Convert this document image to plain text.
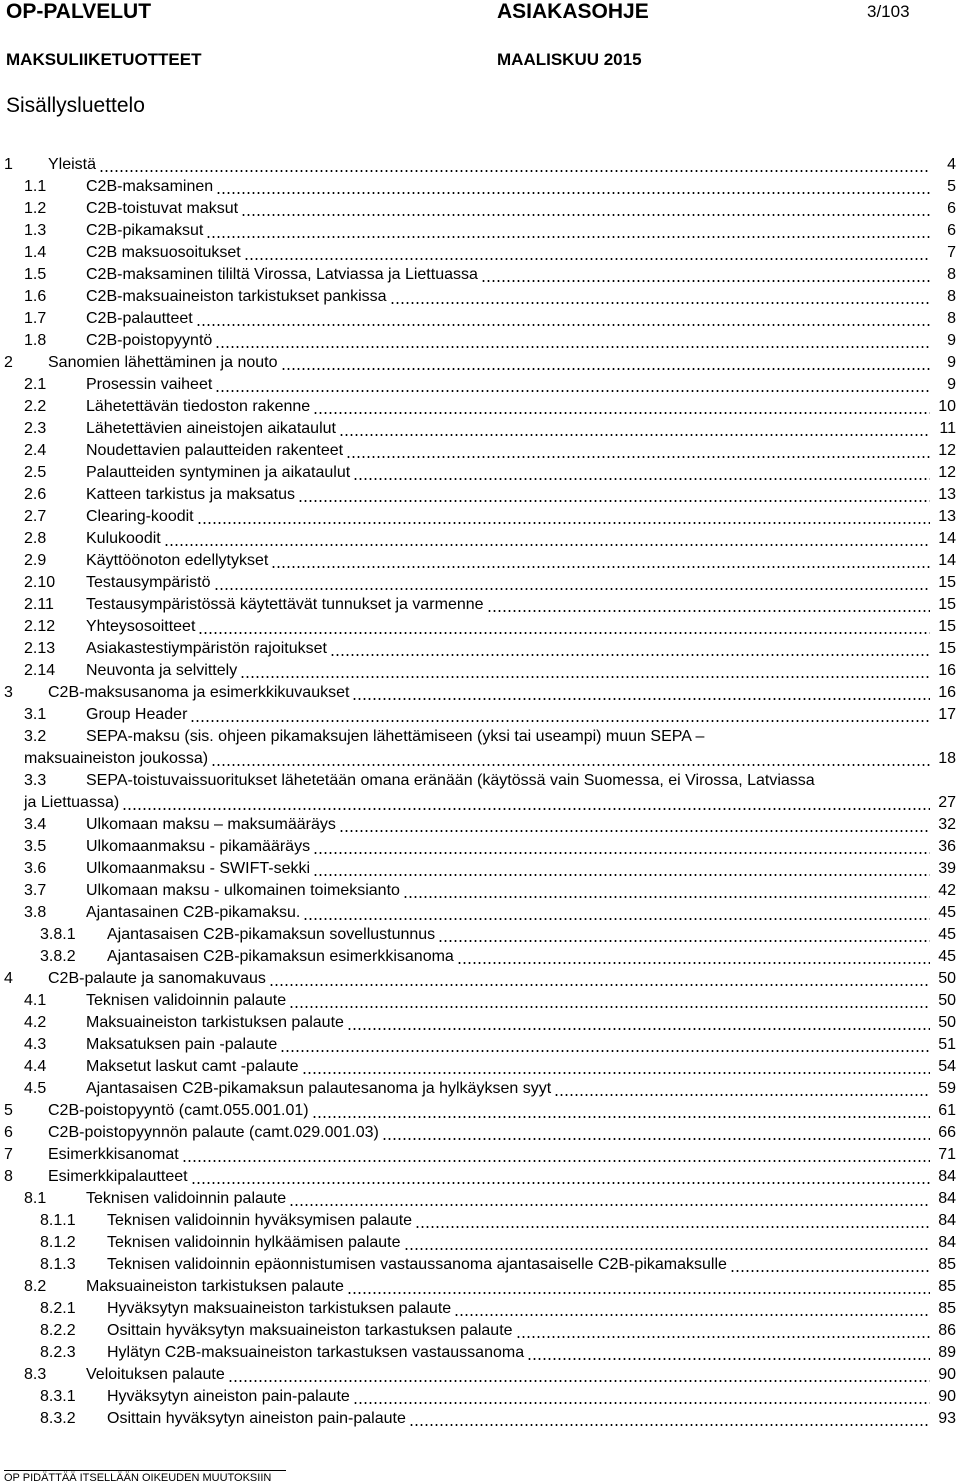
OP-PALVELUT	ASIAKASOHJE	3/103
MAKSULIIKETUOTTEET	MAALISKUU 2015
Sisällysluettelo
1 Yleistä	4
1.1 C2B-maksaminen	5
1.2 C2B-toistuvat maksut	6
1.3 C2B-pikamaksut	6
1.4 C2B maksuosoitukset	7
1.5 C2B-maksaminen tililtä Virossa, Latviassa ja Liettuassa	8
1.6 C2B-maksuaineiston tarkistukset pankissa	8
1.7 C2B-palautteet	8
1.8 C2B-poistopyyntö	9
2 Sanomien lähettäminen ja nouto	9
2.1 Prosessin vaiheet	9
2.2 Lähetettävän tiedoston rakenne	10
2.3 Lähetettävien aineistojen aikataulut	11
2.4 Noudettavien palautteiden rakenteet	12
2.5 Palautteiden syntyminen ja aikataulut	12
2.6 Katteen tarkistus ja maksatus	13
2.7 Clearing-koodit	13
2.8 Kulukoodit	14
2.9 Käyttöönoton edellytykset	14
2.10 Testausympäristö	15
2.11 Testausympäristössä käytettävät tunnukset ja varmenne	15
2.12 Yhteysosoitteet	15
2.13 Asiakastestiympäristön rajoitukset	15
2.14 Neuvonta ja selvittely	16
3 C2B-maksusanoma ja esimerkkikuvaukset	16
3.1 Group Header	17
3.2 SEPA-maksu (sis. ohjeen pikamaksujen lähettämiseen (yksi tai useampi) muun SEPA –
maksuaineiston joukossa)	18
3.3 SEPA-toistuvaissuoritukset lähetetään omana eränään (käytössä vain Suomessa, ei Virossa, Latviassa
ja Liettuassa)	27
3.4 Ulkomaan maksu – maksumääräys	32
3.5 Ulkomaanmaksu - pikamääräys	36
3.6 Ulkomaanmaksu - SWIFT-sekki	39
3.7 Ulkomaan maksu - ulkomainen toimeksianto	42
3.8 Ajantasainen C2B-pikamaksu.	45
3.8.1 Ajantasaisen C2B-pikamaksun sovellustunnus	45
3.8.2 Ajantasaisen C2B-pikamaksun esimerkkisanoma	45
4 C2B-palaute ja sanomakuvaus	50
4.1 Teknisen validoinnin palaute	50
4.2 Maksuaineiston tarkistuksen palaute	50
4.3 Maksatuksen pain -palaute	51
4.4 Maksetut laskut camt -palaute	54
4.5 Ajantasaisen C2B-pikamaksun palautesanoma ja hylkäyksen syyt	59
5 C2B-poistopyyntö (camt.055.001.01)	61
6 C2B-poistopyynnön palaute (camt.029.001.03)	66
7 Esimerkkisanomat	71
8 Esimerkkipalautteet	84
8.1 Teknisen validoinnin palaute	84
8.1.1 Teknisen validoinnin hyväksymisen palaute	84
8.1.2 Teknisen validoinnin hylkäämisen palaute	84
8.1.3 Teknisen validoinnin epäonnistumisen vastaussanoma ajantasaiselle C2B-pikamaksulle	85
8.2 Maksuaineiston tarkistuksen palaute	85
8.2.1 Hyväksytyn maksuaineiston tarkistuksen palaute	85
8.2.2 Osittain hyväksytyn maksuaineiston tarkastuksen palaute	86
8.2.3 Hylätyn C2B-maksuaineiston tarkastuksen vastaussanoma	89
8.3 Veloituksen palaute	90
8.3.1 Hyväksytyn aineiston pain-palaute	90
8.3.2 Osittain hyväksytyn aineiston pain-palaute	93
OP PIDÄTTÄÄ ITSELLÄÄN OIKEUDEN MUUTOKSIIN
